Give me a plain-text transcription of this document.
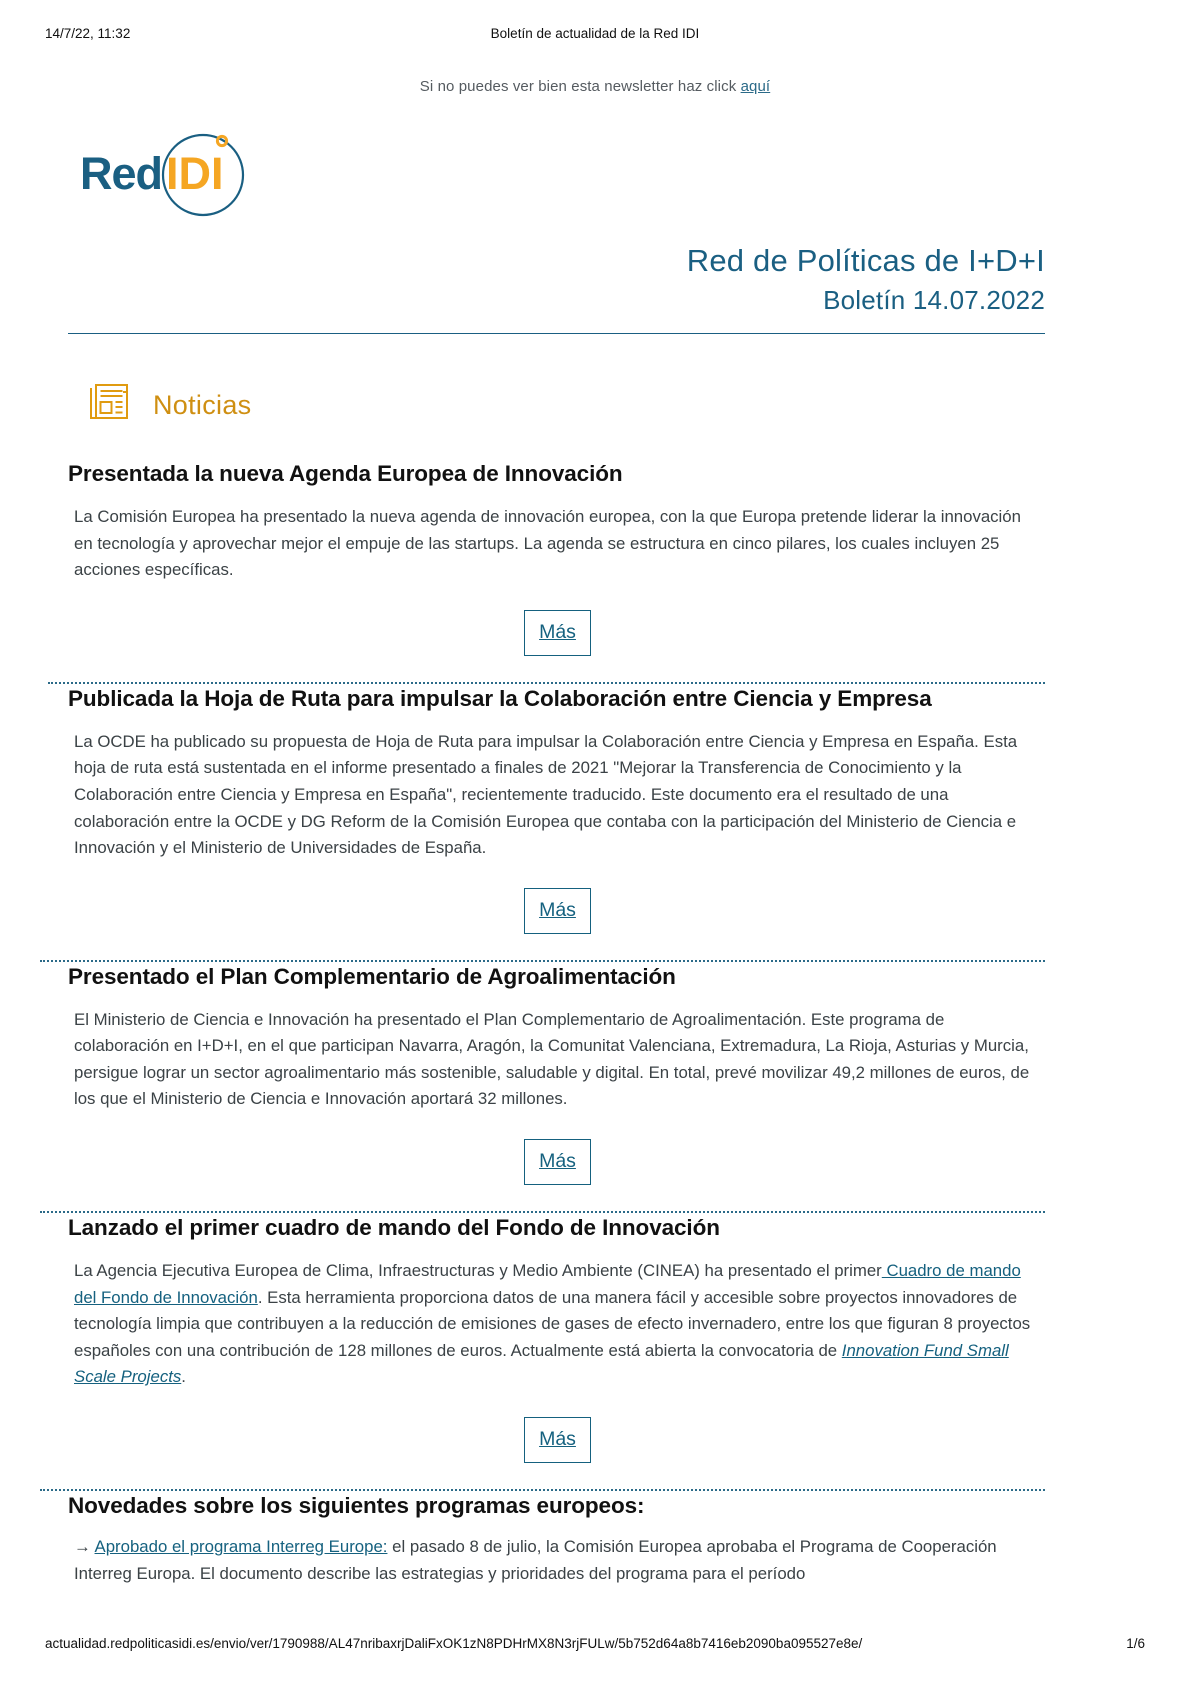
14/7/22, 11:32	Boletín de actualidad de la Red IDI
Si no puedes ver bien esta newsletter haz click aquí
Red IDI
Red de Políticas de I+D+I
Boletín 14.07.2022
Noticias
Presentada la nueva Agenda Europea de Innovación
La Comisión Europea ha presentado la nueva agenda de innovación europea, con la que Europa pretende liderar la innovación en tecnología y aprovechar mejor el empuje de las startups. La agenda se estructura en cinco pilares, los cuales incluyen 25 acciones específicas.
Más
Publicada la Hoja de Ruta para impulsar la Colaboración entre Ciencia y Empresa
La OCDE ha publicado su propuesta de Hoja de Ruta para impulsar la Colaboración entre Ciencia y Empresa en España. Esta hoja de ruta está sustentada en el informe presentado a finales de 2021 "Mejorar la Transferencia de Conocimiento y la Colaboración entre Ciencia y Empresa en España", recientemente traducido. Este documento era el resultado de una colaboración entre la OCDE y DG Reform de la Comisión Europea que contaba con la participación del Ministerio de Ciencia e Innovación y el Ministerio de Universidades de España.
Más
Presentado el Plan Complementario de Agroalimentación
El Ministerio de Ciencia e Innovación ha presentado el Plan Complementario de Agroalimentación. Este programa de colaboración en I+D+I, en el que participan Navarra, Aragón, la Comunitat Valenciana, Extremadura, La Rioja, Asturias y Murcia, persigue lograr un sector agroalimentario más sostenible, saludable y digital. En total, prevé movilizar 49,2 millones de euros, de los que el Ministerio de Ciencia e Innovación aportará 32 millones.
Más
Lanzado el primer cuadro de mando del Fondo de Innovación
La Agencia Ejecutiva Europea de Clima, Infraestructuras y Medio Ambiente (CINEA) ha presentado el primer Cuadro de mando del Fondo de Innovación. Esta herramienta proporciona datos de una manera fácil y accesible sobre proyectos innovadores de tecnología limpia que contribuyen a la reducción de emisiones de gases de efecto invernadero, entre los que figuran 8 proyectos españoles con una contribución de 128 millones de euros. Actualmente está abierta la convocatoria de Innovation Fund Small Scale Projects.
Más
Novedades sobre los siguientes programas europeos:
→ Aprobado el programa Interreg Europe: el pasado 8 de julio, la Comisión Europea aprobaba el Programa de Cooperación Interreg Europa. El documento describe las estrategias y prioridades del programa para el período
actualidad.redpoliticasidi.es/envio/ver/1790988/AL47nribaxrjDaliFxOK1zN8PDHrMX8N3rjFULw/5b752d64a8b7416eb2090ba095527e8e/	1/6
